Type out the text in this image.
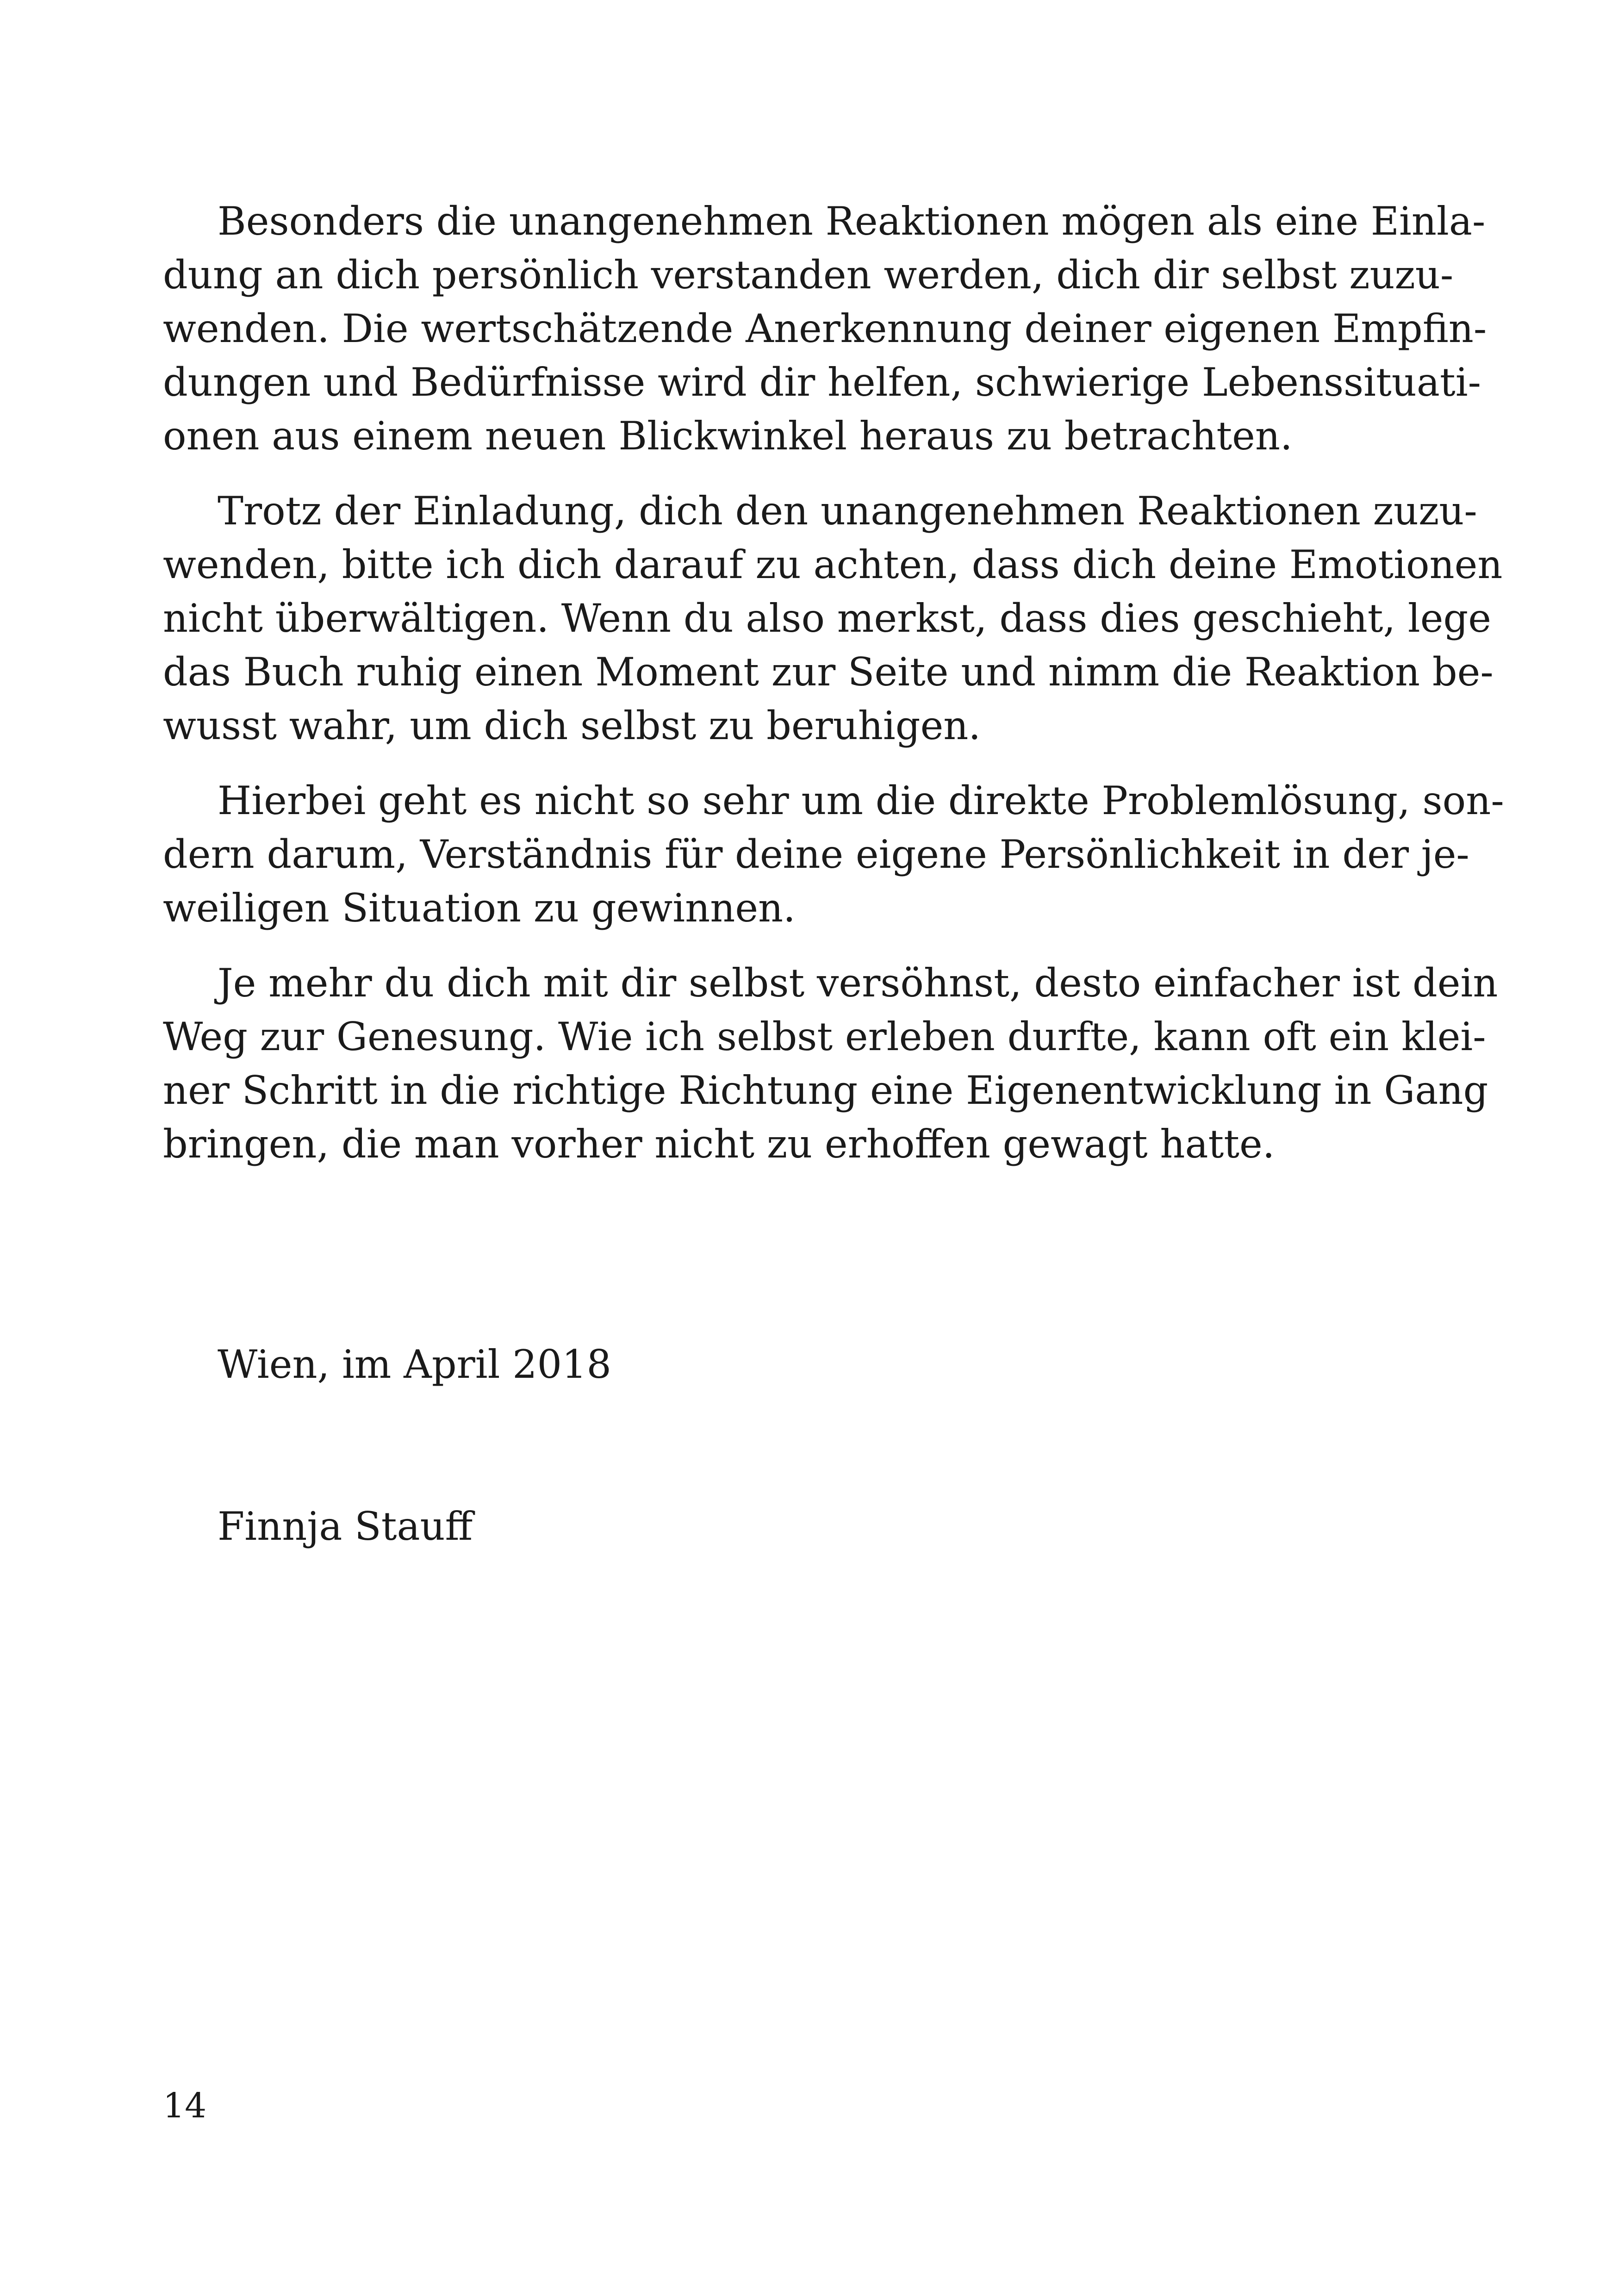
Besonders die unangenehmen Reaktionen mögen als eine Einla-
dung an dich persönlich verstanden werden, dich dir selbst zuzu-
wenden. Die wertschätzende Anerkennung deiner eigenen Empfin-
dungen und Bedürfnisse wird dir helfen, schwierige Lebenssituati-
onen aus einem neuen Blickwinkel heraus zu betrachten.
Trotz der Einladung, dich den unangenehmen Reaktionen zuzu-
wenden, bitte ich dich darauf zu achten, dass dich deine Emotionen
nicht überwältigen. Wenn du also merkst, dass dies geschieht, lege
das Buch ruhig einen Moment zur Seite und nimm die Reaktion be-
wusst wahr, um dich selbst zu beruhigen.
Hierbei geht es nicht so sehr um die direkte Problemlösung, son-
dern darum, Verständnis für deine eigene Persönlichkeit in der je-
weiligen Situation zu gewinnen.
Je mehr du dich mit dir selbst versöhnst, desto einfacher ist dein
Weg zur Genesung. Wie ich selbst erleben durfte, kann oft ein klei-
ner Schritt in die richtige Richtung eine Eigenentwicklung in Gang
bringen, die man vorher nicht zu erhoffen gewagt hatte.
Wien, im April 2018
Finnja Stauff
14
